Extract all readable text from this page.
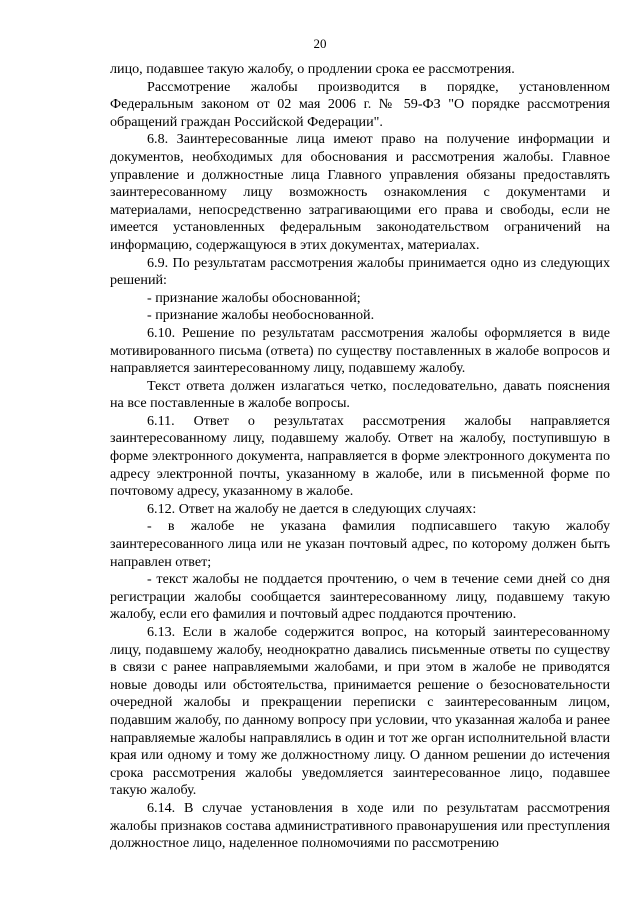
20

лицо, подавшее такую жалобу, о продлении срока ее рассмотрения.

Рассмотрение жалобы производится в порядке, установленном Федеральным законом от 02 мая 2006 г. № 59-ФЗ "О порядке рассмотрения обращений граждан Российской Федерации".

6.8. Заинтересованные лица имеют право на получение информации и документов, необходимых для обоснования и рассмотрения жалобы. Главное управление и должностные лица Главного управления обязаны предоставлять заинтересованному лицу возможность ознакомления с документами и материалами, непосредственно затрагивающими его права и свободы, если не имеется установленных федеральным законодательством ограничений на информацию, содержащуюся в этих документах, материалах.

6.9. По результатам рассмотрения жалобы принимается одно из следующих решений:

- признание жалобы обоснованной;

- признание жалобы необоснованной.

6.10. Решение по результатам рассмотрения жалобы оформляется в виде мотивированного письма (ответа) по существу поставленных в жалобе вопросов и направляется заинтересованному лицу, подавшему жалобу.

Текст ответа должен излагаться четко, последовательно, давать пояснения на все поставленные в жалобе вопросы.

6.11. Ответ о результатах рассмотрения жалобы направляется заинтересованному лицу, подавшему жалобу. Ответ на жалобу, поступившую в форме электронного документа, направляется в форме электронного документа по адресу электронной почты, указанному в жалобе, или в письменной форме по почтовому адресу, указанному в жалобе.

6.12. Ответ на жалобу не дается в следующих случаях:

- в жалобе не указана фамилия подписавшего такую жалобу заинтересованного лица или не указан почтовый адрес, по которому должен быть направлен ответ;

- текст жалобы не поддается прочтению, о чем в течение семи дней со дня регистрации жалобы сообщается заинтересованному лицу, подавшему такую жалобу, если его фамилия и почтовый адрес поддаются прочтению.

6.13. Если в жалобе содержится вопрос, на который заинтересованному лицу, подавшему жалобу, неоднократно давались письменные ответы по существу в связи с ранее направляемыми жалобами, и при этом в жалобе не приводятся новые доводы или обстоятельства, принимается решение о безосновательности очередной жалобы и прекращении переписки с заинтересованным лицом, подавшим жалобу, по данному вопросу при условии, что указанная жалоба и ранее направляемые жалобы направлялись в один и тот же орган исполнительной власти края или одному и тому же должностному лицу. О данном решении до истечения срока рассмотрения жалобы уведомляется заинтересованное лицо, подавшее такую жалобу.

6.14. В случае установления в ходе или по результатам рассмотрения жалобы признаков состава административного правонарушения или преступления должностное лицо, наделенное полномочиями по рассмотрению
